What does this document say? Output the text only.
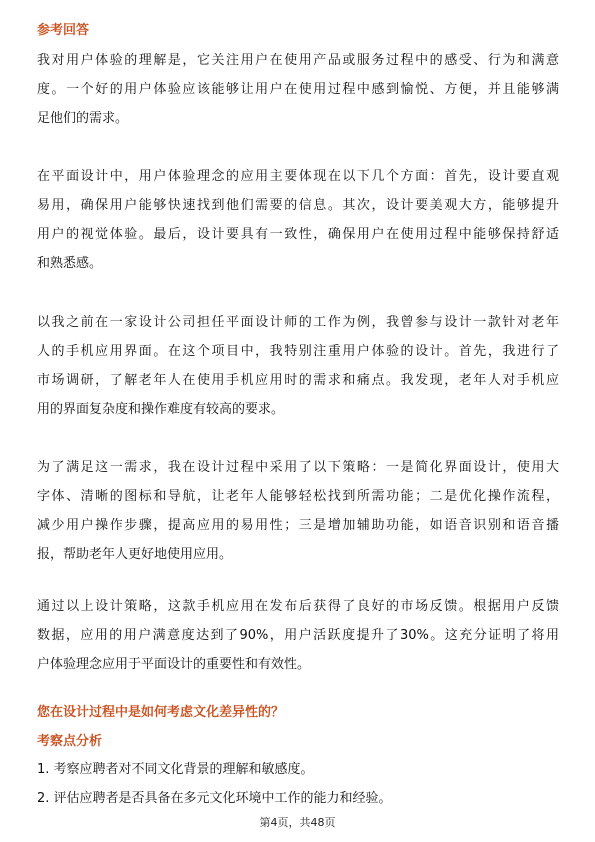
参考回答
我对用户体验的理解是，它关注用户在使用产品或服务过程中的感受、行为和满意
度。一个好的用户体验应该能够让用户在使用过程中感到愉悦、方便，并且能够满
足他们的需求。
在平面设计中，用户体验理念的应用主要体现在以下几个方面：首先，设计要直观
易用，确保用户能够快速找到他们需要的信息。其次，设计要美观大方，能够提升
用户的视觉体验。最后，设计要具有一致性，确保用户在使用过程中能够保持舒适
和熟悉感。
以我之前在一家设计公司担任平面设计师的工作为例，我曾参与设计一款针对老年
人的手机应用界面。在这个项目中，我特别注重用户体验的设计。首先，我进行了
市场调研，了解老年人在使用手机应用时的需求和痛点。我发现，老年人对手机应
用的界面复杂度和操作难度有较高的要求。
为了满足这一需求，我在设计过程中采用了以下策略：一是简化界面设计，使用大
字体、清晰的图标和导航，让老年人能够轻松找到所需功能；二是优化操作流程，
减少用户操作步骤，提高应用的易用性；三是增加辅助功能，如语音识别和语音播
报，帮助老年人更好地使用应用。
通过以上设计策略，这款手机应用在发布后获得了良好的市场反馈。根据用户反馈
数据，应用的用户满意度达到了90%，用户活跃度提升了30%。这充分证明了将用
户体验理念应用于平面设计的重要性和有效性。
您在设计过程中是如何考虑文化差异性的？
考察点分析
1. 考察应聘者对不同文化背景的理解和敏感度。
2. 评估应聘者是否具备在多元文化环境中工作的能力和经验。
第4页，共48页
